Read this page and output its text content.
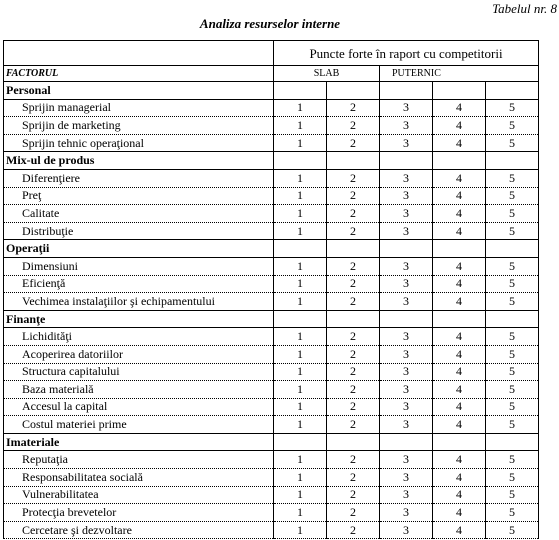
Tabelul nr. 8
Analiza resurselor interne
	Puncte forte în raport cu competitorii				
FACTORUL	SLAB		PUTERNIC		
Personal					
Sprijin managerial	1	2	3	4	5
Sprijin de marketing	1	2	3	4	5
Sprijin tehnic operaţional	1	2	3	4	5
Mix-ul de produs					
Diferenţiere	1	2	3	4	5
Preţ	1	2	3	4	5
Calitate	1	2	3	4	5
Distribuţie	1	2	3	4	5
Operaţii					
Dimensiuni	1	2	3	4	5
Eficienţă	1	2	3	4	5
Vechimea instalaţiilor şi echipamentului	1	2	3	4	5
Finanţe					
Lichidităţi	1	2	3	4	5
Acoperirea datoriilor	1	2	3	4	5
Structura capitalului	1	2	3	4	5
Baza materială	1	2	3	4	5
Accesul la capital	1	2	3	4	5
Costul materiei prime	1	2	3	4	5
Imateriale					
Reputaţia	1	2	3	4	5
Responsabilitatea socială	1	2	3	4	5
Vulnerabilitatea	1	2	3	4	5
Protecţia brevetelor	1	2	3	4	5
Cercetare şi dezvoltare	1	2	3	4	5
